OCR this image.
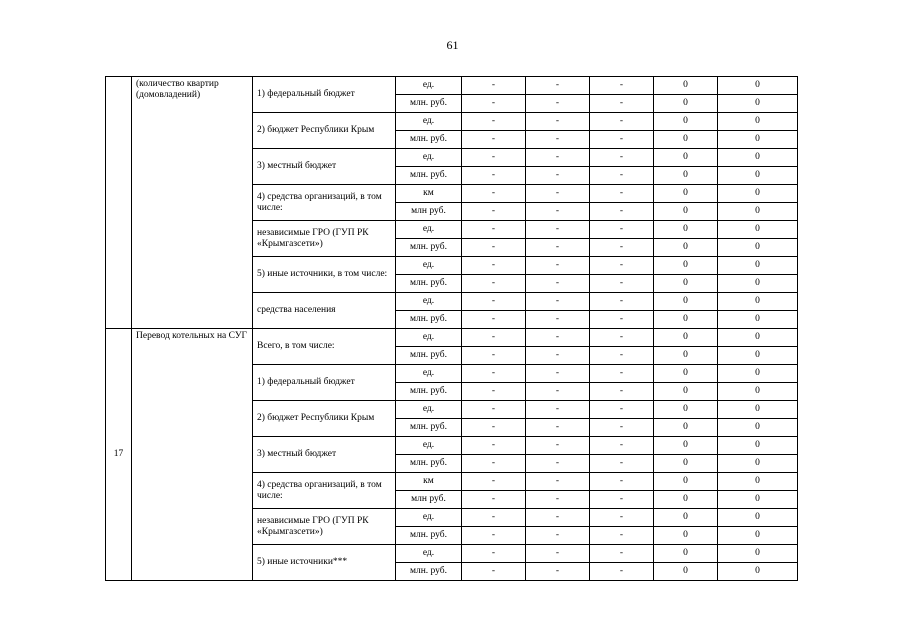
61
	(количество квартир (домовладений)	1) федеральный бюджет	ед.	-	-	-	0	0
			млн. руб.	-	-	-	0	0
		2) бюджет Республики Крым	ед.	-	-	-	0	0
			млн. руб.	-	-	-	0	0
		3) местный бюджет	ед.	-	-	-	0	0
			млн. руб.	-	-	-	0	0
		4) средства организаций, в том числе:	км	-	-	-	0	0
			млн руб.	-	-	-	0	0
		независимые ГРО (ГУП РК «Крымгазсети»)	ед.	-	-	-	0	0
			млн. руб.	-	-	-	0	0
		5) иные источники, в том числе:	ед.	-	-	-	0	0
			млн. руб.	-	-	-	0	0
		средства населения	ед.	-	-	-	0	0
			млн. руб.	-	-	-	0	0
17	Перевод котельных на СУГ	Всего, в том числе:	ед.	-	-	-	0	0
			млн. руб.	-	-	-	0	0
		1) федеральный бюджет	ед.	-	-	-	0	0
			млн. руб.	-	-	-	0	0
		2) бюджет Республики Крым	ед.	-	-	-	0	0
			млн. руб.	-	-	-	0	0
		3) местный бюджет	ед.	-	-	-	0	0
			млн. руб.	-	-	-	0	0
		4) средства организаций, в том числе:	км	-	-	-	0	0
			млн руб.	-	-	-	0	0
		независимые ГРО (ГУП РК «Крымгазсети»)	ед.	-	-	-	0	0
			млн. руб.	-	-	-	0	0
		5) иные источники***	ед.	-	-	-	0	0
			млн. руб.	-	-	-	0	0
